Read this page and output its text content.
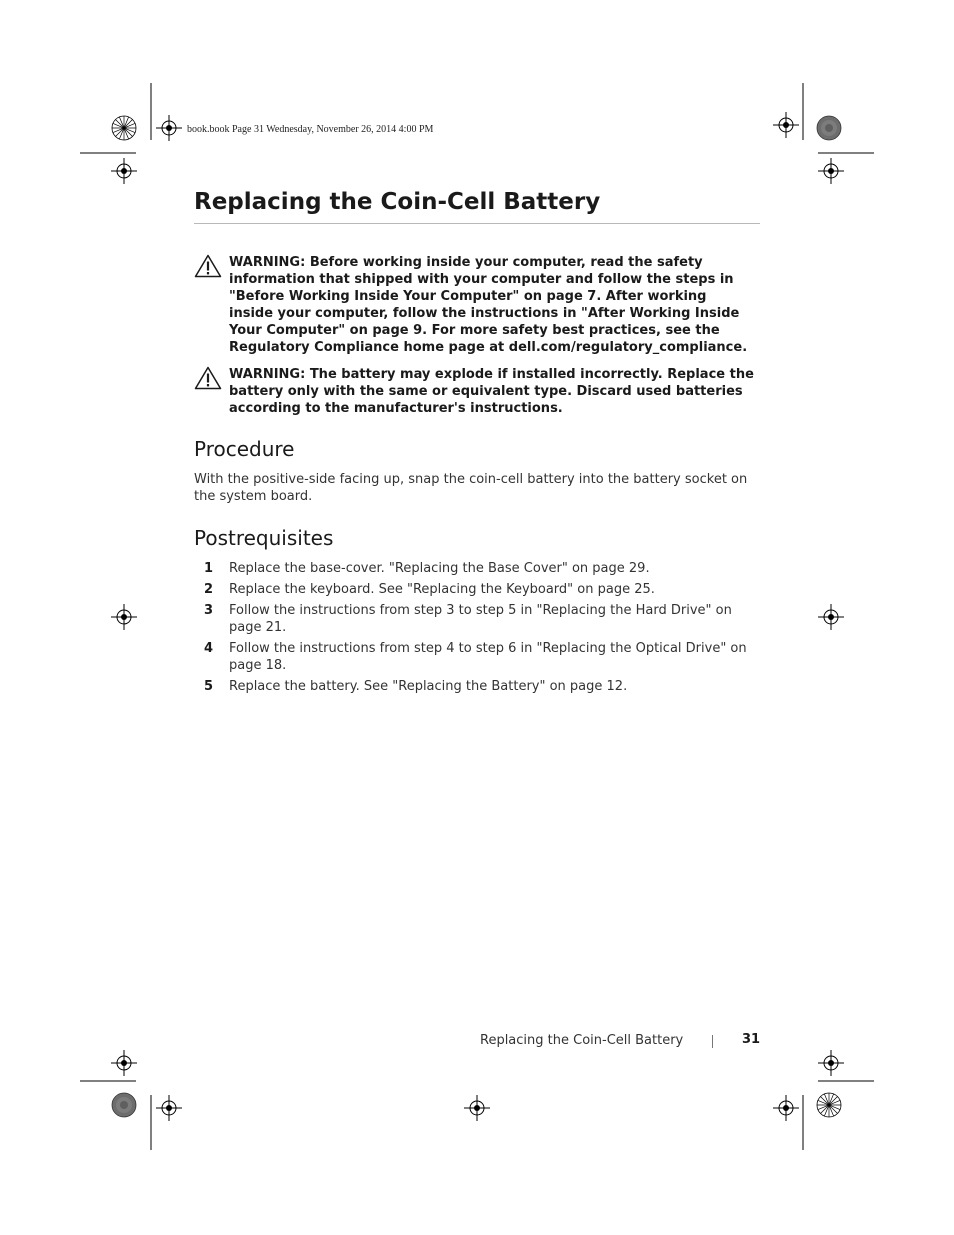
book.book Page 31 Wednesday, November 26, 2014 4:00 PM
Replacing the Coin-Cell Battery
WARNING: Before working inside your computer, read the safety information that shipped with your computer and follow the steps in "Before Working Inside Your Computer" on page 7. After working inside your computer, follow the instructions in "After Working Inside Your Computer" on page 9. For more safety best practices, see the Regulatory Compliance home page at dell.com/regulatory_compliance.
WARNING: The battery may explode if installed incorrectly. Replace the battery only with the same or equivalent type. Discard used batteries according to the manufacturer's instructions.
Procedure
With the positive-side facing up, snap the coin-cell battery into the battery socket on the system board.
Postrequisites
1 Replace the base-cover. "Replacing the Base Cover" on page 29.
2 Replace the keyboard. See "Replacing the Keyboard" on page 25.
3 Follow the instructions from step 3 to step 5 in "Replacing the Hard Drive" on page 21.
4 Follow the instructions from step 4 to step 6 in "Replacing the Optical Drive" on page 18.
5 Replace the battery. See "Replacing the Battery" on page 12.
Replacing the Coin-Cell Battery	31
